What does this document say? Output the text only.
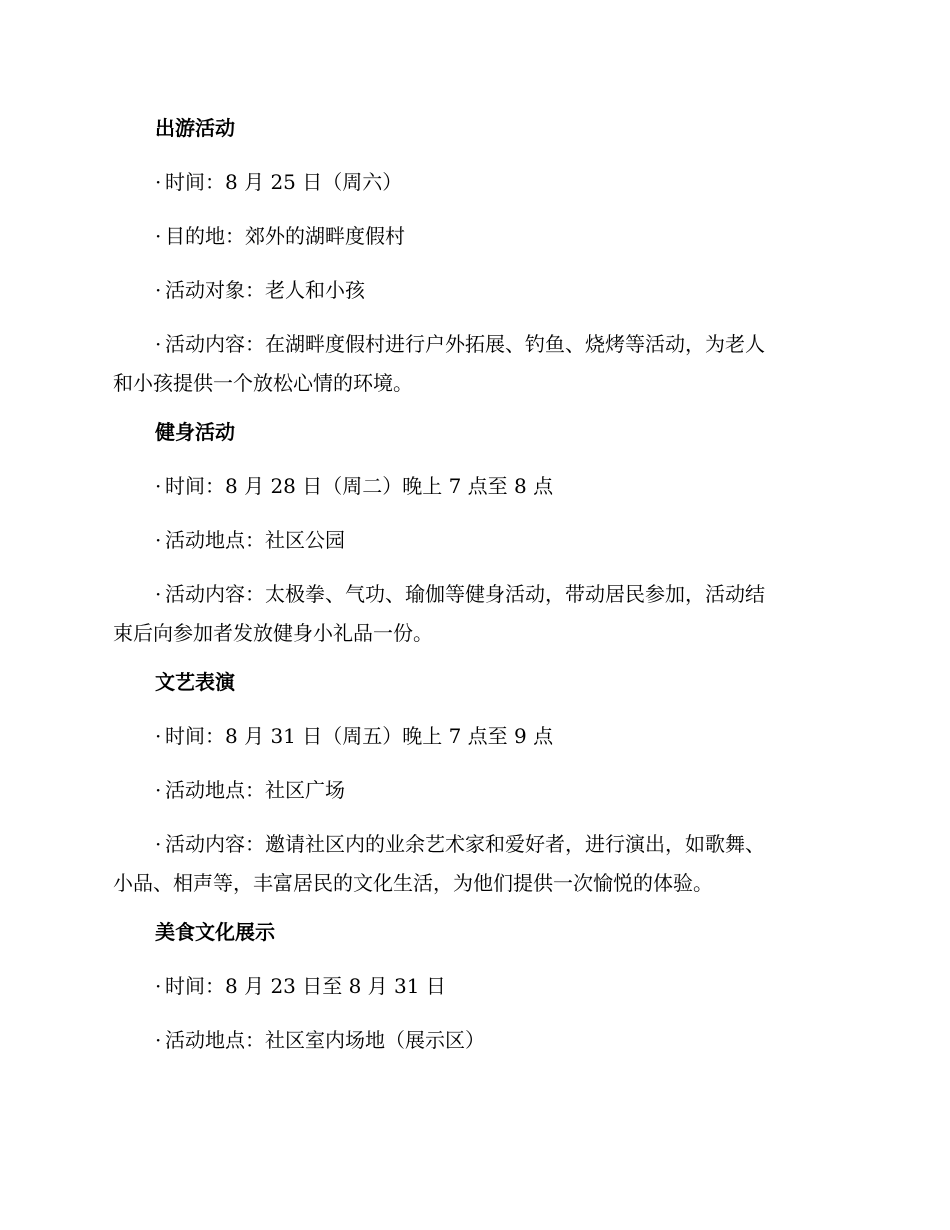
出游活动

· 时间：8 月 25 日（周六）

· 目的地：郊外的湖畔度假村

· 活动对象：老人和小孩

· 活动内容：在湖畔度假村进行户外拓展、钓鱼、烧烤等活动，为老人
和小孩提供一个放松心情的环境。

健身活动

· 时间：8 月 28 日（周二）晚上 7 点至 8 点

· 活动地点：社区公园

· 活动内容：太极拳、气功、瑜伽等健身活动，带动居民参加，活动结
束后向参加者发放健身小礼品一份。

文艺表演

· 时间：8 月 31 日（周五）晚上 7 点至 9 点

· 活动地点：社区广场

· 活动内容：邀请社区内的业余艺术家和爱好者，进行演出，如歌舞、
小品、相声等，丰富居民的文化生活，为他们提供一次愉悦的体验。

美食文化展示

· 时间：8 月 23 日至 8 月 31 日

· 活动地点：社区室内场地（展示区）
